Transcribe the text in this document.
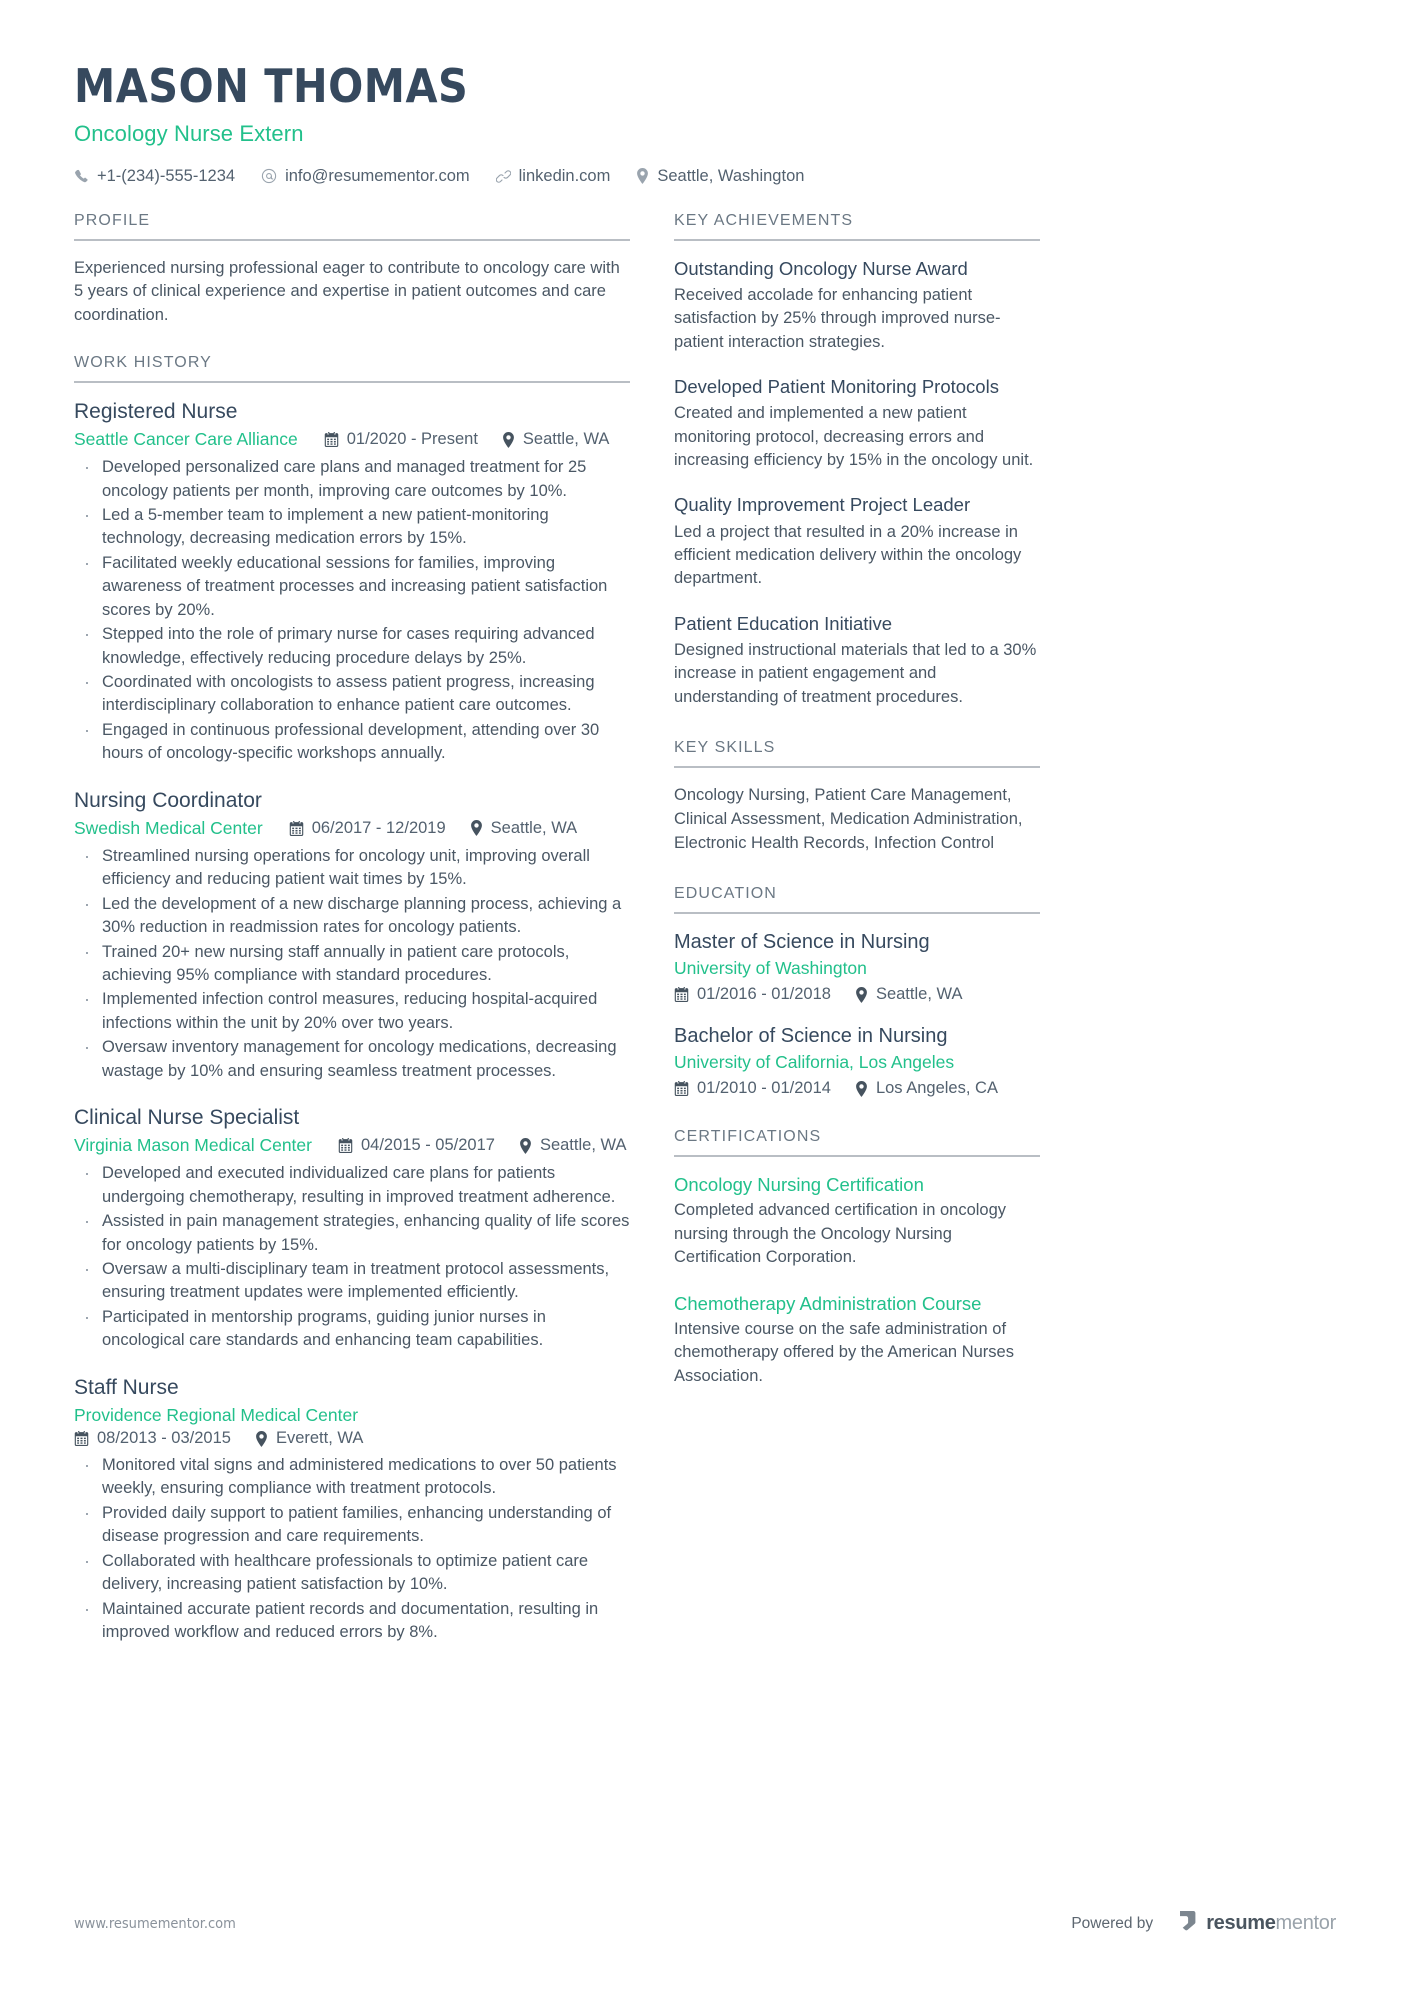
MASON THOMAS
Oncology Nurse Extern
+1-(234)-555-1234	info@resumementor.com	linkedin.com	Seattle, Washington
PROFILE
Experienced nursing professional eager to contribute to oncology care with 5 years of clinical experience and expertise in patient outcomes and care coordination.
WORK HISTORY
Registered Nurse
Seattle Cancer Care Alliance	01/2020 - Present	Seattle, WA
· Developed personalized care plans and managed treatment for 25 oncology patients per month, improving care outcomes by 10%.
· Led a 5-member team to implement a new patient-monitoring technology, decreasing medication errors by 15%.
· Facilitated weekly educational sessions for families, improving awareness of treatment processes and increasing patient satisfaction scores by 20%.
· Stepped into the role of primary nurse for cases requiring advanced knowledge, effectively reducing procedure delays by 25%.
· Coordinated with oncologists to assess patient progress, increasing interdisciplinary collaboration to enhance patient care outcomes.
· Engaged in continuous professional development, attending over 30 hours of oncology-specific workshops annually.
Nursing Coordinator
Swedish Medical Center	06/2017 - 12/2019	Seattle, WA
· Streamlined nursing operations for oncology unit, improving overall efficiency and reducing patient wait times by 15%.
· Led the development of a new discharge planning process, achieving a 30% reduction in readmission rates for oncology patients.
· Trained 20+ new nursing staff annually in patient care protocols, achieving 95% compliance with standard procedures.
· Implemented infection control measures, reducing hospital-acquired infections within the unit by 20% over two years.
· Oversaw inventory management for oncology medications, decreasing wastage by 10% and ensuring seamless treatment processes.
Clinical Nurse Specialist
Virginia Mason Medical Center	04/2015 - 05/2017	Seattle, WA
· Developed and executed individualized care plans for patients undergoing chemotherapy, resulting in improved treatment adherence.
· Assisted in pain management strategies, enhancing quality of life scores for oncology patients by 15%.
· Oversaw a multi-disciplinary team in treatment protocol assessments, ensuring treatment updates were implemented efficiently.
· Participated in mentorship programs, guiding junior nurses in oncological care standards and enhancing team capabilities.
Staff Nurse
Providence Regional Medical Center
08/2013 - 03/2015	Everett, WA
· Monitored vital signs and administered medications to over 50 patients weekly, ensuring compliance with treatment protocols.
· Provided daily support to patient families, enhancing understanding of disease progression and care requirements.
· Collaborated with healthcare professionals to optimize patient care delivery, increasing patient satisfaction by 10%.
· Maintained accurate patient records and documentation, resulting in improved workflow and reduced errors by 8%.
KEY ACHIEVEMENTS
Outstanding Oncology Nurse Award
Received accolade for enhancing patient satisfaction by 25% through improved nurse-patient interaction strategies.
Developed Patient Monitoring Protocols
Created and implemented a new patient monitoring protocol, decreasing errors and increasing efficiency by 15% in the oncology unit.
Quality Improvement Project Leader
Led a project that resulted in a 20% increase in efficient medication delivery within the oncology department.
Patient Education Initiative
Designed instructional materials that led to a 30% increase in patient engagement and understanding of treatment procedures.
KEY SKILLS
Oncology Nursing, Patient Care Management, Clinical Assessment, Medication Administration, Electronic Health Records, Infection Control
EDUCATION
Master of Science in Nursing
University of Washington
01/2016 - 01/2018	Seattle, WA
Bachelor of Science in Nursing
University of California, Los Angeles
01/2010 - 01/2014	Los Angeles, CA
CERTIFICATIONS
Oncology Nursing Certification
Completed advanced certification in oncology nursing through the Oncology Nursing Certification Corporation.
Chemotherapy Administration Course
Intensive course on the safe administration of chemotherapy offered by the American Nurses Association.
www.resumementor.com	Powered by	resumementor
